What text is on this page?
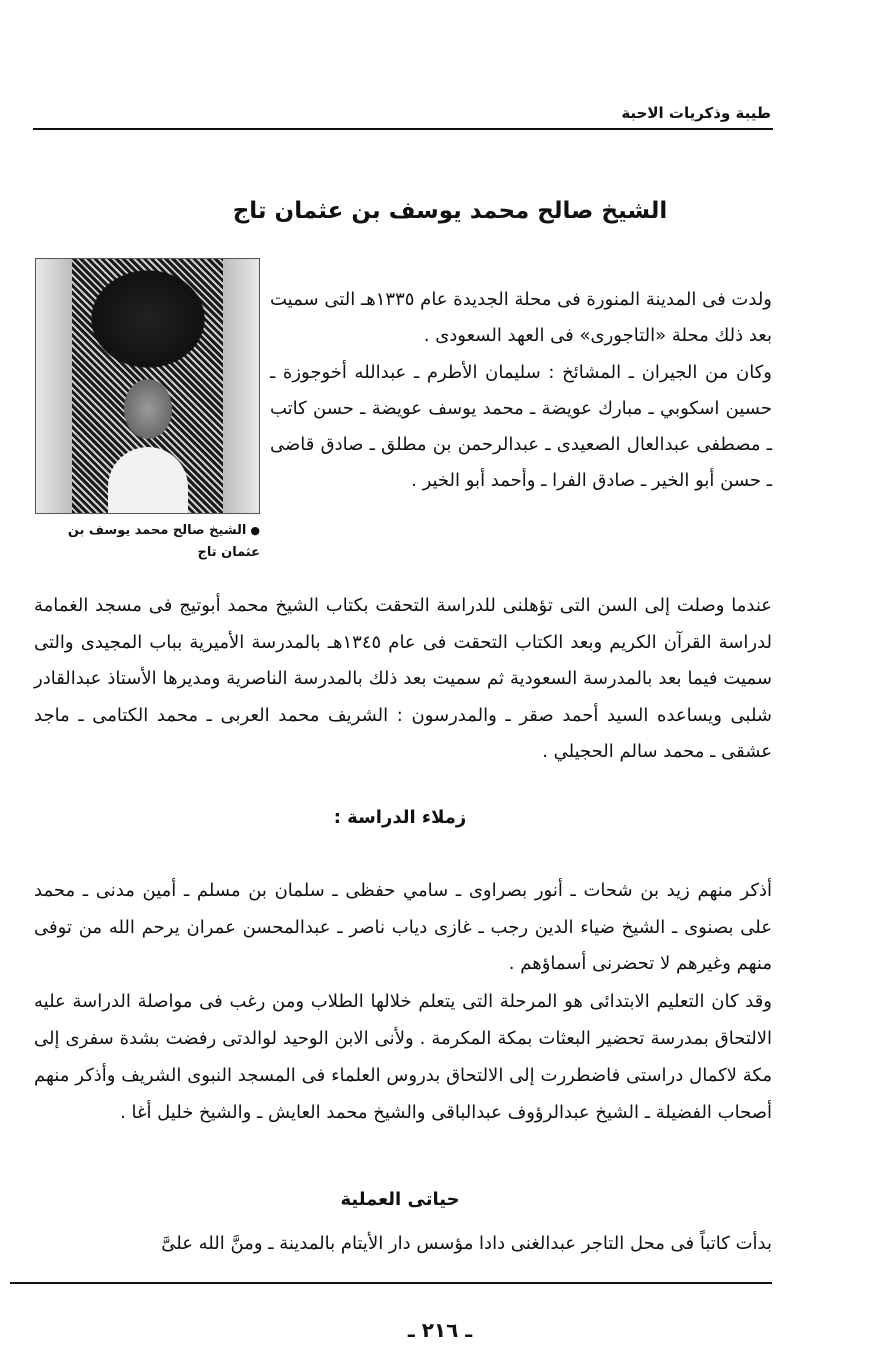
طيبة وذكريات الاحبة
الشيخ صالح محمد يوسف بن عثمان تاج
●الشيخ صالح محمد يوسف بن
عثمان تاج

ولدت فى المدينة المنورة فى محلة الجديدة عام ١٣٣٥هـ التى سميت بعد ذلك محلة «التاجورى» فى العهد السعودى .

وكان من الجيران ـ المشائخ : سليمان الأطرم ـ عبدالله أخوجوزة ـ حسين اسكوبي ـ مبارك عويضة ـ محمد يوسف عويضة ـ حسن كاتب ـ مصطفى عبدالعال الصعيدى ـ عبدالرحمن بن مطلق ـ صادق قاضى ـ حسن أبو الخير ـ صادق الفرا ـ وأحمد أبو الخير .

عندما وصلت إلى السن التى تؤهلنى للدراسة التحقت بكتاب الشيخ محمد أبوتيج فى مسجد الغمامة لدراسة القرآن الكريم وبعد الكتاب التحقت فى عام ١٣٤٥هـ بالمدرسة الأميرية بباب المجيدى والتى سميت فيما بعد بالمدرسة السعودية ثم سميت بعد ذلك بالمدرسة الناصرية ومديرها الأستاذ عبدالقادر شلبى ويساعده السيد أحمد صقر ـ والمدرسون : الشريف محمد العربى ـ محمد الكتامى ـ ماجد عشقى ـ محمد سالم الحجيلي .

زملاء الدراسة :

أذكر منهم زيد بن شحات ـ أنور بصراوى ـ سامي حفظى ـ سلمان بن مسلم ـ أمين مدنى ـ محمد على بصنوى ـ الشيخ ضياء الدين رجب ـ غازى دياب ناصر ـ عبدالمحسن عمران يرحم الله من توفى منهم وغيرهم لا تحضرنى أسماؤهم .

وقد كان التعليم الابتدائى هو المرحلة التى يتعلم خلالها الطلاب ومن رغب فى مواصلة الدراسة عليه الالتحاق بمدرسة تحضير البعثات بمكة المكرمة . ولأنى الابن الوحيد لوالدتى رفضت بشدة سفرى إلى مكة لاكمال دراستى فاضطررت إلى الالتحاق بدروس العلماء فى المسجد النبوى الشريف وأذكر منهم أصحاب الفضيلة ـ الشيخ عبدالرؤوف عبدالباقى والشيخ محمد العايش ـ والشيخ خليل أغا .

حياتى العملية

بدأت كاتباً فى محل التاجر عبدالغنى دادا مؤسس دار الأيتام بالمدينة ـ ومنَّ الله علىَّ

ـ ٢١٦ ـ
